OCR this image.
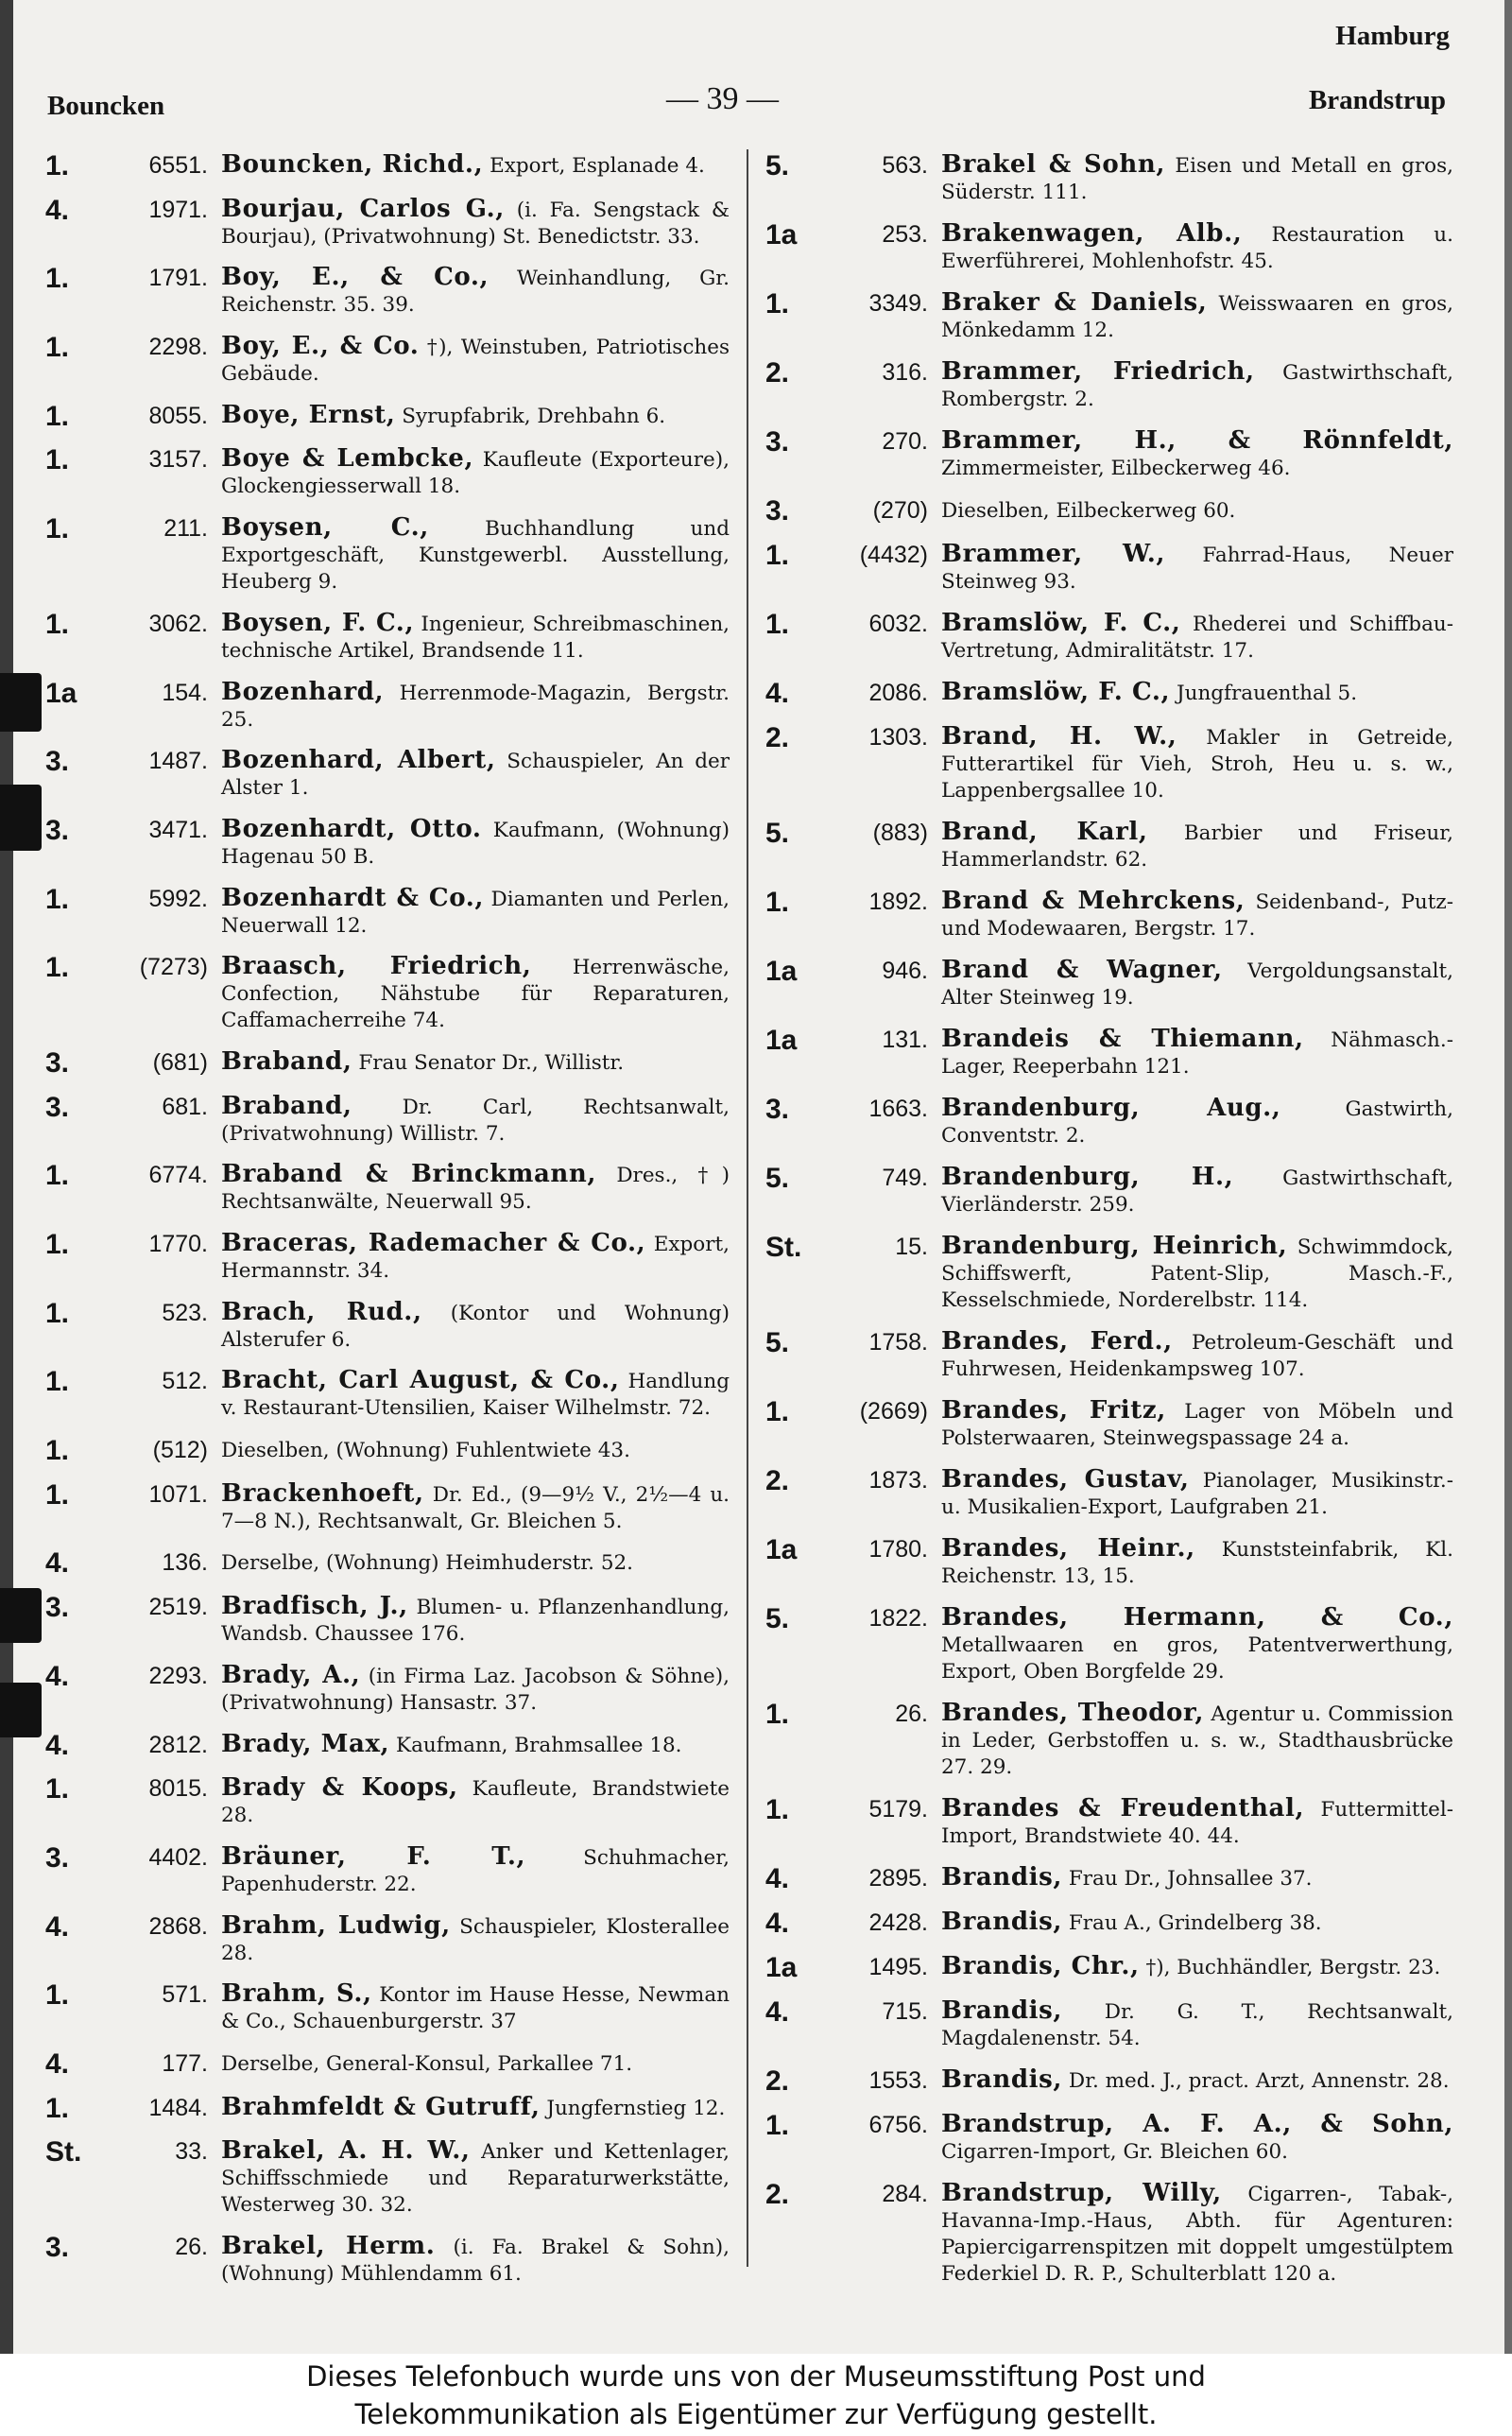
Hamburg
Bouncken	— 39 —	Brandstrup
1.	6551. Bouncken, Richd., Export, Esplanade 4.
4.	1971. Bourjau, Carlos G., (i. Fa. Sengstack & Bourjau), (Privatwohnung) St. Benedictstr. 33.
1.	1791. Boy, E., & Co., Weinhandlung, Gr. Reichenstr. 35. 39.
1.	2298. Boy, E., & Co. †), Weinstuben, Patriotisches Gebäude.
1.	8055. Boye, Ernst, Syrupfabrik, Drehbahn 6.
1.	3157. Boye & Lembcke, Kaufleute (Exporteure), Glockengiesserwall 18.
1.	211. Boysen, C.,	Buchhandlung und Exportgeschäft, Kunstgewerbl. Ausstellung, Heuberg 9.
1.	3062. Boysen, F. C., Ingenieur, Schreibmaschinen, technische Artikel, Brandsende 11.
1a	154. Bozenhard, Herrenmode-Magazin, Bergstr. 25.
3.	1487. Bozenhard, Albert, Schauspieler, An der Alster 1.
3.	3471. Bozenhardt, Otto. Kaufmann, (Wohnung) Hagenau 50 B.
1.	5992. Bozenhardt & Co., Diamanten und Perlen, Neuerwall 12.
1.	(7273) Braasch, Friedrich, Herrenwäsche, Confection, Nähstube für Reparaturen, Caffamacherreihe 74.
3.	(681) Braband, Frau Senator Dr., Willistr.
3.	681. Braband, Dr. Carl, Rechtsanwalt, (Privatwohnung) Willistr. 7.
1.	6774. Braband & Brinckmann, Dres., †) Rechtsanwälte, Neuerwall 95.
1.	1770. Braceras, Rademacher & Co., Export, Hermannstr. 34.
1.	523. Brach, Rud., (Kontor und Wohnung) Alsterufer 6.
1.	512. Bracht, Carl August, & Co., Handlung v. Restaurant-Utensilien, Kaiser Wilhelmstr. 72.
1.	(512) Dieselben, (Wohnung) Fuhlentwiete 43.
1.	1071. Brackenhoeft, Dr. Ed., (9—9½ V., 2½—4 u. 7—8 N.), Rechtsanwalt, Gr. Bleichen 5.
4.	136. Derselbe, (Wohnung) Heimhuderstr. 52.
3.	2519. Bradfisch, J., Blumen- u. Pflanzenhandlung, Wandsb. Chaussee 176.
4.	2293. Brady, A., (in Firma Laz. Jacobson & Söhne), (Privatwohnung) Hansastr. 37.
4.	2812. Brady, Max, Kaufmann, Brahmsallee 18.
1.	8015. Brady & Koops, Kaufleute, Brandstwiete 28.
3.	4402. Bräuner, F. T.,	Schuhmacher, Papenhuderstr. 22.
4.	2868. Brahm, Ludwig, Schauspieler, Klosterallee 28.
1.	571. Brahm, S., Kontor im Hause Hesse, Newman & Co., Schauenburgerstr. 37
4.	177. Derselbe, General-Konsul, Parkallee 71.
1.	1484. Brahmfeldt & Gutruff, Jungfernstieg 12.
St.	33. Brakel, A. H. W., Anker und Kettenlager, Schiffsschmiede und Reparaturwerkstätte, Westerweg 30. 32.
3.	26. Brakel, Herm. (i. Fa. Brakel & Sohn), (Wohnung) Mühlendamm 61.
5.	563. Brakel & Sohn, Eisen und Metall en gros, Süderstr. 111.
1a	253. Brakenwagen, Alb., Restauration u. Ewerführerei, Mohlenhofstr. 45.
1.	3349. Braker & Daniels, Weisswaaren en gros, Mönkedamm 12.
2.	316. Brammer, Friedrich, Gastwirthschaft, Rombergstr. 2.
3.	270. Brammer, H., & Rönnfeldt, Zimmermeister, Eilbeckerweg 46.
3.	(270) Dieselben, Eilbeckerweg 60.
1.	(4432) Brammer, W., Fahrrad-Haus, Neuer Steinweg 93.
1.	6032. Bramslöw, F. C., Rhederei und Schiffbau-Vertretung, Admiralitätstr. 17.
4.	2086. Bramslöw, F. C., Jungfrauenthal 5.
2.	1303. Brand, H. W., Makler in Getreide, Futterartikel für Vieh, Stroh, Heu u. s. w., Lappenbergsallee 10.
5.	(883) Brand, Karl, Barbier und Friseur, Hammerlandstr. 62.
1.	1892. Brand & Mehrckens, Seidenband-, Putz- und Modewaaren, Bergstr. 17.
1a	946. Brand & Wagner, Vergoldungsanstalt, Alter Steinweg 19.
1a	131. Brandeis & Thiemann, Nähmasch.-Lager, Reeperbahn 121.
3.	1663. Brandenburg, Aug.,	Gastwirth, Conventstr. 2.
5.	749. Brandenburg, H., Gastwirthschaft, Vierländerstr. 259.
St.	15. Brandenburg, Heinrich, Schwimmdock, Schiffswerft, Patent-Slip, Masch.-F., Kesselschmiede, Norderelbstr. 114.
5.	1758. Brandes, Ferd., Petroleum-Geschäft und Fuhrwesen, Heidenkampsweg 107.
1.	(2669) Brandes, Fritz, Lager von Möbeln und Polsterwaaren, Steinwegspassage 24 a.
2.	1873. Brandes, Gustav, Pianolager, Musikinstr.- u. Musikalien-Export, Laufgraben 21.
1a	1780. Brandes, Heinr., Kunststeinfabrik, Kl. Reichenstr. 13, 15.
5.	1822. Brandes, Hermann, & Co., Metallwaaren en gros, Patentverwerthung, Export, Oben Borgfelde 29.
1.	26. Brandes, Theodor, Agentur u. Commission in Leder, Gerbstoffen u. s. w., Stadthausbrücke 27. 29.
1.	5179. Brandes & Freudenthal, Futtermittel-Import, Brandstwiete 40. 44.
4.	2895. Brandis, Frau Dr., Johnsallee 37.
4.	2428. Brandis, Frau A., Grindelberg 38.
1a	1495. Brandis, Chr., †), Buchhändler, Bergstr. 23.
4.	715. Brandis, Dr. G. T., Rechtsanwalt, Magdalenenstr. 54.
2.	1553. Brandis, Dr. med. J., pract. Arzt, Annenstr. 28.
1.	6756. Brandstrup, A. F. A., & Sohn, Cigarren-Import, Gr. Bleichen 60.
2.	284. Brandstrup, Willy, Cigarren-, Tabak-, Havanna-Imp.-Haus, Abth. für Agenturen: Papiercigarrenspitzen mit doppelt umgestülptem Federkiel D. R. P., Schulterblatt 120 a.
Dieses Telefonbuch wurde uns von der Museumsstiftung Post und
Telekommunikation als Eigentümer zur Verfügung gestellt.
